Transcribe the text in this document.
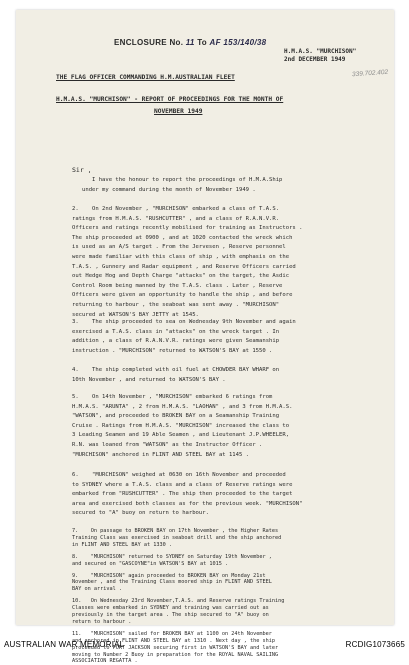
ENCLOSURE No. 11 To AF 153/140/38
339.702.402
H.M.A.S. "MURCHISON"
2nd DECEMBER 1949
THE FLAG OFFICER COMMANDING H.M.AUSTRALIAN FLEET
H.M.A.S. "MURCHISON" - REPORT OF PROCEEDINGS FOR THE MONTH OF
NOVEMBER 1949
Sir ,
I have the honour to report the proceedings of H.M.A.Ship
under my command during the month of November 1949 .
2.    On 2nd November , "MURCHISON" embarked a class of T.A.S.
ratings from H.M.A.S. "RUSHCUTTER" , and a class of R.A.N.V.R.
Officers and ratings recently mobilised for training as Instructors .
The ship proceeded at 0900 , and at 1020 contacted the wreck which
is used as an A/S target . From the Jervesen , Reserve personnel
were made familiar with this class of ship , with emphasis on the
T.A.S. , Gunnery and Radar equipment , and Reserve Officers carried
out Hedge Hog and Depth Charge "attacks" on the target, the Asdic
Control Room being manned by the T.A.S. class . Later , Reserve
Officers were given an opportunity to handle the ship , and before
returning to harbour , the seaboat was sent away . "MURCHISON"
secured at WATSON'S BAY JETTY at 1545.
3.    The ship proceeded to sea on Wednesday 9th November and again
exercised a T.A.S. class in "attacks" on the wreck target . In
addition , a class of R.A.N.V.R. ratings were given Seamanship
instruction . "MURCHISON" returned to WATSON'S BAY at 1550 .
4.    The ship completed with oil fuel at CHOWDER BAY WHARF on
10th November , and returned to WATSON'S BAY .
5.    On 14th November , "MURCHISON" embarked 6 ratings from
H.M.A.S. "ARUNTA" , 2 from H.M.A.S. "LAOHAN" , and 3 from H.M.A.S.
"WATSON", and proceeded to BROKEN BAY on a Seamanship Training
Cruise . Ratings from H.M.A.S. "MURCHISON" increased the class to
3 Leading Seamen and 19 Able Seamen , and Lieutenant J.P.WHEELER,
R.N. was loaned from "WATSON" as the Instructor Officer .
"MURCHISON" anchored in FLINT AND STEEL BAY at 1145 .
6.    "MURCHISON" weighed at 0630 on 16th November and proceeded
to SYDNEY where a T.A.S. class and a class of Reserve ratings were
embarked from "RUSHCUTTER" . The ship then proceeded to the target
area and exercised both classes as for the previous week. "MURCHISON"
secured to "A" buoy on return to harbour.
7.    On passage to BROKEN BAY on 17th November , the Higher Rates
Training Class was exercised in seaboat drill and the ship anchored
in FLINT AND STEEL BAY at 1330 .
8.    "MURCHISON" returned to SYDNEY on Saturday 19th November ,
and secured on "GASCOYNE"in WATSON'S BAY at 1015 .
9.    "MURCHISON" again proceeded to BROKEN BAY on Monday 21st
November , and the Training Class moored ship in FLINT AND STEEL
BAY on arrival .
10.   On Wednesday 23rd November,T.A.S. and Reserve ratings Training
Classes were embarked in SYDNEY and training was carried out as
previously in the target area . The ship secured to "A" buoy on
return to harbour .
11.   "MURCHISON" sailed for BROKEN BAY at 1100 on 24th November
and anchored in FLINT AND STEEL BAY at 1310 . Next day , the ship
proceeded to PORT JACKSON securing first in WATSON'S BAY and later
moving to Number 2 Buoy in preparation for the ROYAL NAVAL SAILING
ASSOCIATION REGATTA .
AUSTRALIAN WAR MEMORIAL	RCDIG1073665
